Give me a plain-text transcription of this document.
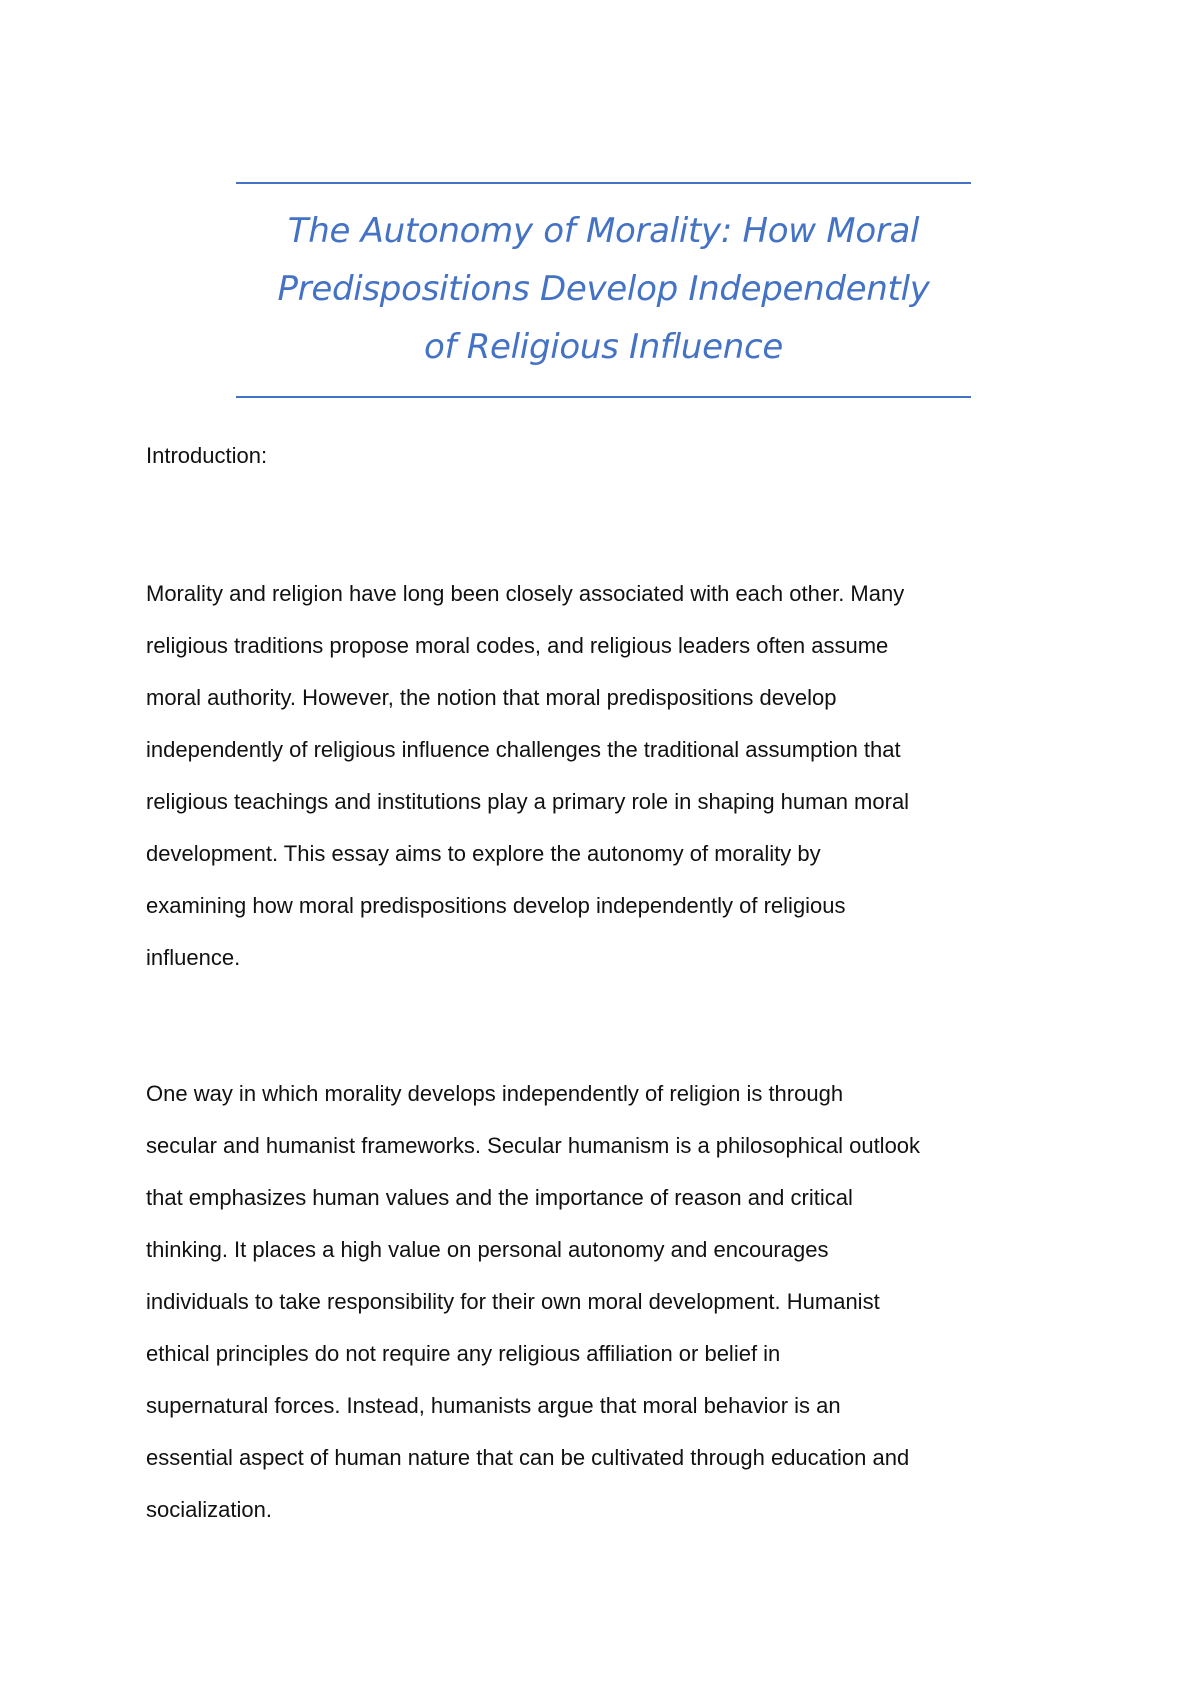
The Autonomy of Morality: How Moral
Predispositions Develop Independently
of Religious Influence
Introduction:
Morality and religion have long been closely associated with each other. Many
religious traditions propose moral codes, and religious leaders often assume
moral authority. However, the notion that moral predispositions develop
independently of religious influence challenges the traditional assumption that
religious teachings and institutions play a primary role in shaping human moral
development. This essay aims to explore the autonomy of morality by
examining how moral predispositions develop independently of religious
influence.
One way in which morality develops independently of religion is through
secular and humanist frameworks. Secular humanism is a philosophical outlook
that emphasizes human values and the importance of reason and critical
thinking. It places a high value on personal autonomy and encourages
individuals to take responsibility for their own moral development. Humanist
ethical principles do not require any religious affiliation or belief in
supernatural forces. Instead, humanists argue that moral behavior is an
essential aspect of human nature that can be cultivated through education and
socialization.
